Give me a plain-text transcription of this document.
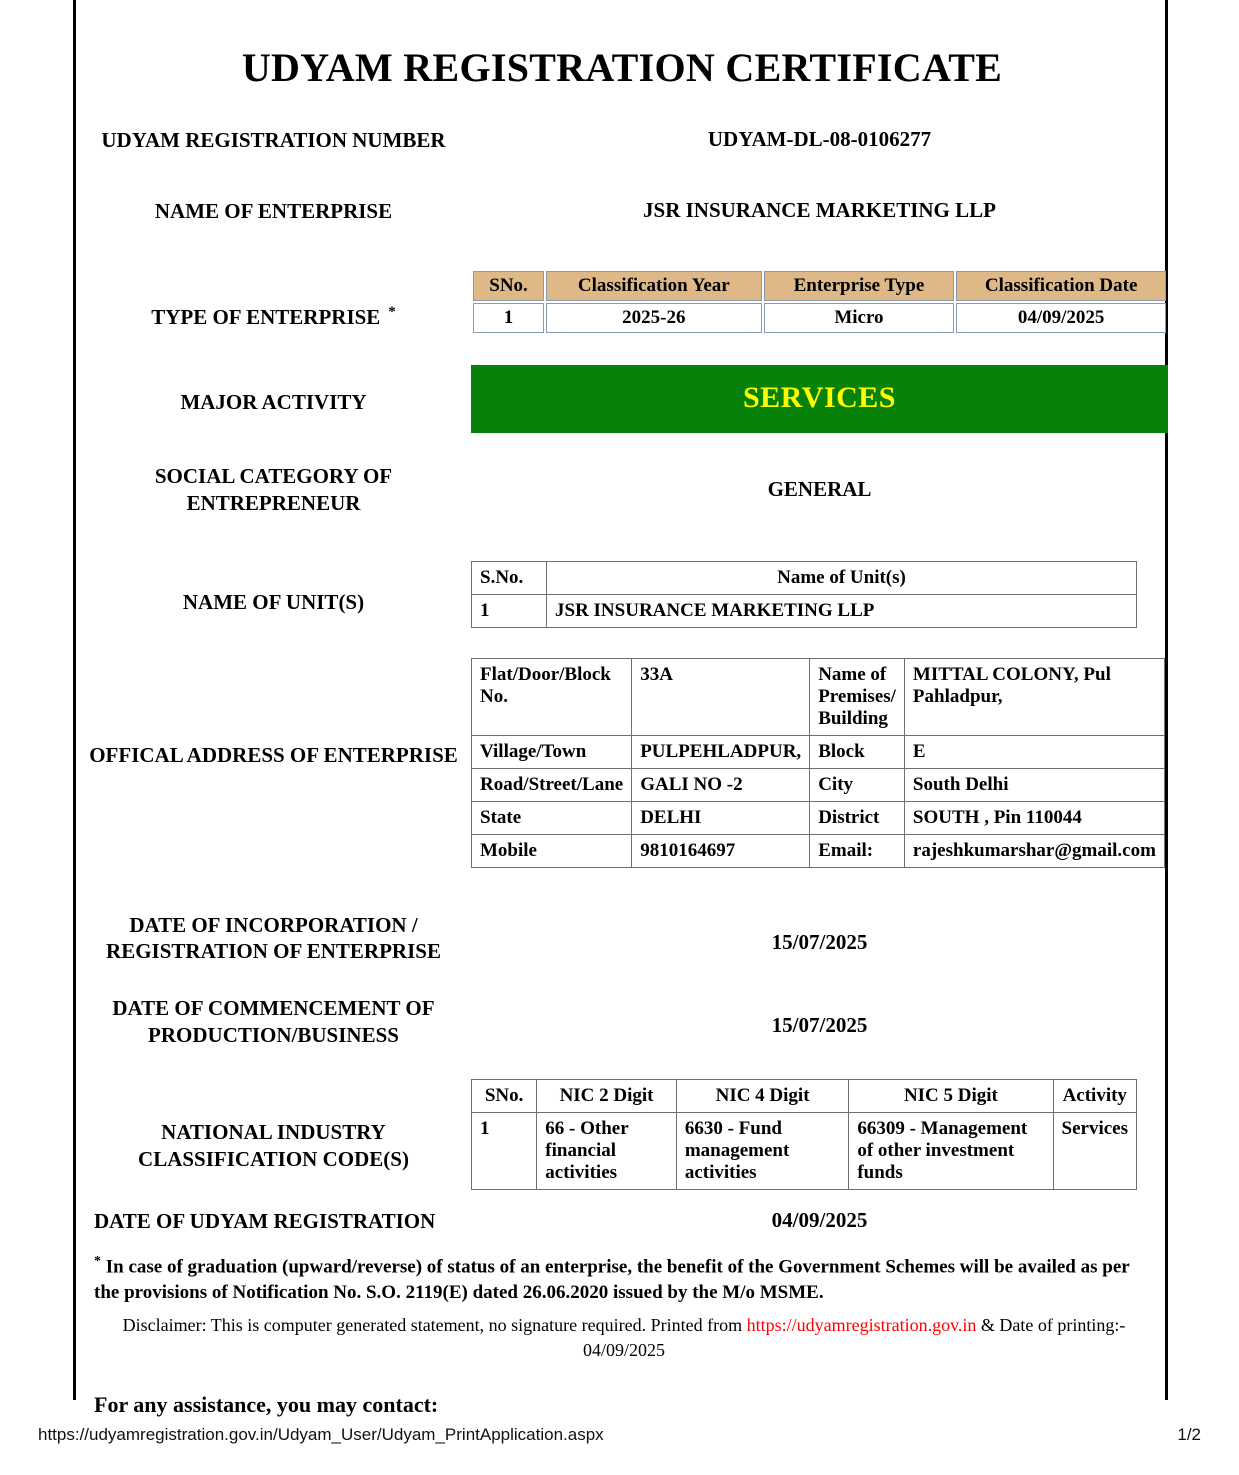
UDYAM REGISTRATION CERTIFICATE
UDYAM REGISTRATION NUMBER	UDYAM-DL-08-0106277
NAME OF ENTERPRISE	JSR INSURANCE MARKETING LLP
TYPE OF ENTERPRISE *
SNo.	Classification Year	Enterprise Type	Classification Date
1	2025-26	Micro	04/09/2025
MAJOR ACTIVITY	SERVICES
SOCIAL CATEGORY OF ENTREPRENEUR
GENERAL
NAME OF UNIT(S)
S.No.	Name of Unit(s)
1	JSR INSURANCE MARKETING LLP
OFFICAL ADDRESS OF ENTERPRISE
Flat/Door/Block No.	33A	Name of Premises/ Building	MITTAL COLONY, Pul Pahladpur,
Village/Town	PULPEHLADPUR,	Block	E
Road/Street/Lane	GALI NO -2	City	South Delhi
State	DELHI	District	SOUTH , Pin 110044
Mobile	9810164697	Email:	rajeshkumarshar@gmail.com
DATE OF INCORPORATION / REGISTRATION OF ENTERPRISE	15/07/2025
DATE OF COMMENCEMENT OF PRODUCTION/BUSINESS	15/07/2025
NATIONAL INDUSTRY CLASSIFICATION CODE(S)
SNo.	NIC 2 Digit	NIC 4 Digit	NIC 5 Digit	Activity
1	66 - Other financial activities	6630 - Fund management activities	66309 - Management of other investment funds	Services
DATE OF UDYAM REGISTRATION	04/09/2025
* In case of graduation (upward/reverse) of status of an enterprise, the benefit of the Government Schemes will be availed as per the provisions of Notification No. S.O. 2119(E) dated 26.06.2020 issued by the M/o MSME.
Disclaimer: This is computer generated statement, no signature required. Printed from https://udyamregistration.gov.in & Date of printing:-
04/09/2025
For any assistance, you may contact:
https://udyamregistration.gov.in/Udyam_User/Udyam_PrintApplication.aspx	1/2
